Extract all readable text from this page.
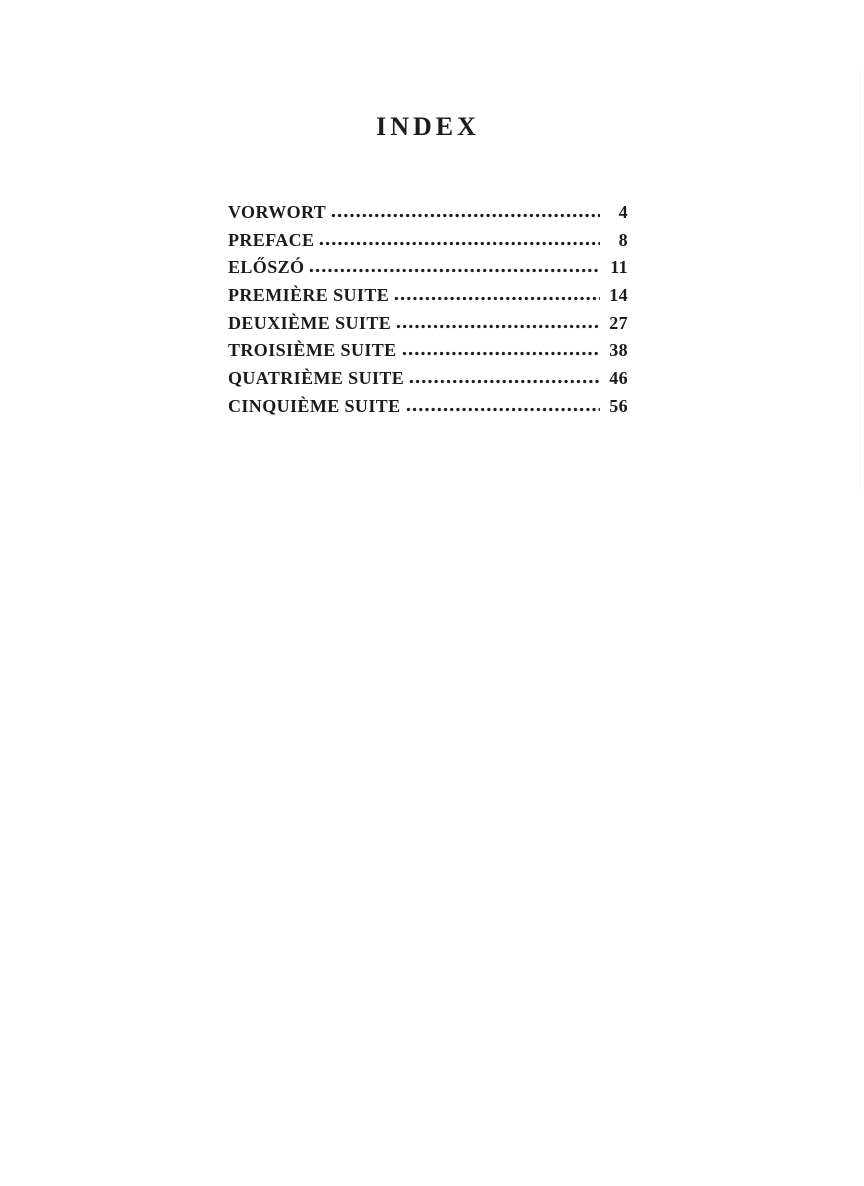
INDEX
VORWORT	4
PREFACE	8
ELŐSZÓ	11
PREMIÈRE SUITE	14
DEUXIÈME SUITE	27
TROISIÈME SUITE	38
QUATRIÈME SUITE	46
CINQUIÈME SUITE	56
